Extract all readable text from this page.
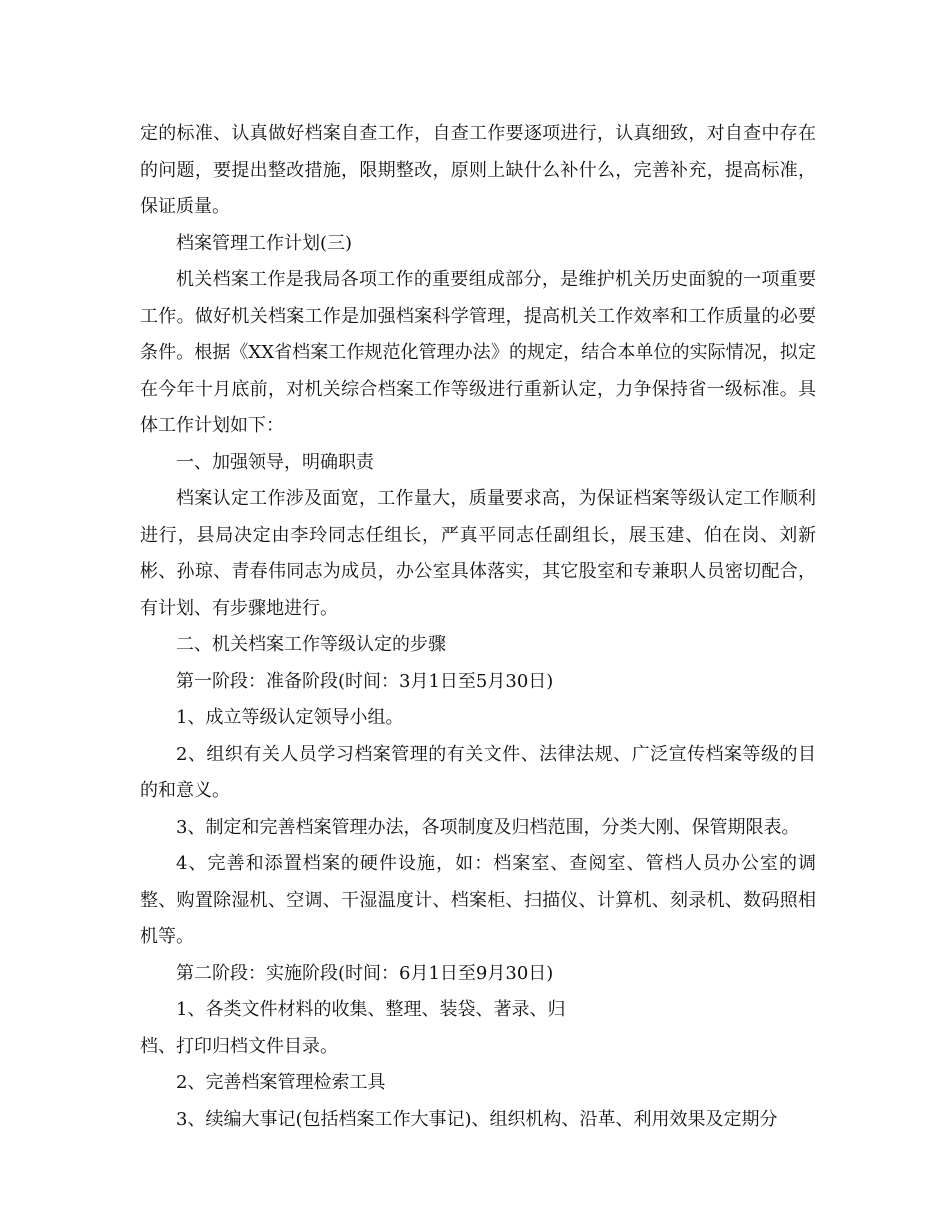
定的标准、认真做好档案自查工作，自查工作要逐项进行，认真细致，对自查中存在的问题，要提出整改措施，限期整改，原则上缺什么补什么，完善补充，提高标准，保证质量。

档案管理工作计划(三)

机关档案工作是我局各项工作的重要组成部分，是维护机关历史面貌的一项重要工作。做好机关档案工作是加强档案科学管理，提高机关工作效率和工作质量的必要条件。根据《XX省档案工作规范化管理办法》的规定，结合本单位的实际情况，拟定在今年十月底前，对机关综合档案工作等级进行重新认定，力争保持省一级标准。具体工作计划如下：

一、加强领导，明确职责

档案认定工作涉及面宽，工作量大，质量要求高，为保证档案等级认定工作顺利进行，县局决定由李玲同志任组长，严真平同志任副组长，展玉建、伯在岗、刘新彬、孙琼、青春伟同志为成员，办公室具体落实，其它股室和专兼职人员密切配合，有计划、有步骤地进行。

二、机关档案工作等级认定的步骤

第一阶段：准备阶段(时间：3月1日至5月30日)

1、成立等级认定领导小组。

2、组织有关人员学习档案管理的有关文件、法律法规、广泛宣传档案等级的目的和意义。

3、制定和完善档案管理办法，各项制度及归档范围，分类大刚、保管期限表。

4、完善和添置档案的硬件设施，如：档案室、查阅室、管档人员办公室的调整、购置除湿机、空调、干湿温度计、档案柜、扫描仪、计算机、刻录机、数码照相机等。

第二阶段：实施阶段(时间：6月1日至9月30日)

1、各类文件材料的收集、整理、装袋、著录、归

档、打印归档文件目录。

2、完善档案管理检索工具

3、续编大事记(包括档案工作大事记)、组织机构、沿革、利用效果及定期分
